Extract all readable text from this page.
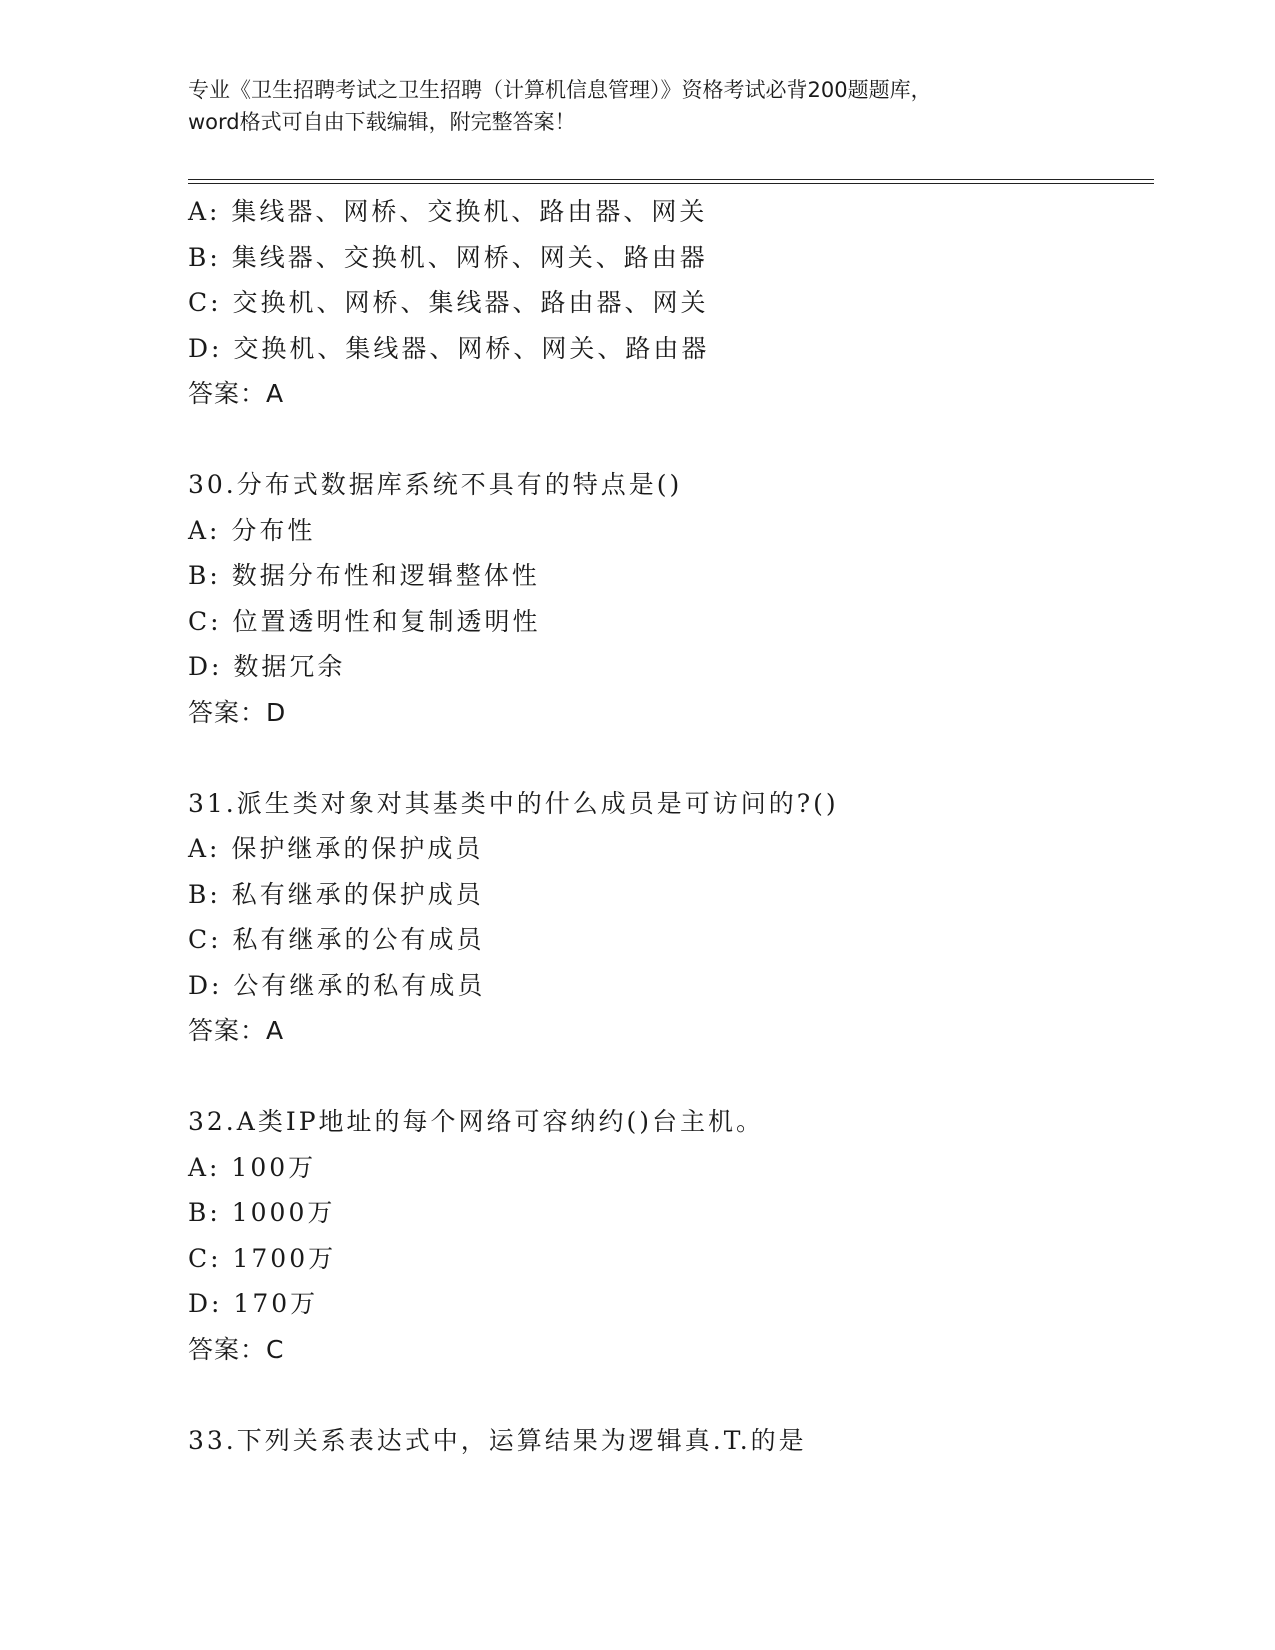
专业《卫生招聘考试之卫生招聘（计算机信息管理）》资格考试必背200题题库，
word格式可自由下载编辑，附完整答案！
A: 集线器、网桥、交换机、路由器、网关
B: 集线器、交换机、网桥、网关、路由器
C: 交换机、网桥、集线器、路由器、网关
D: 交换机、集线器、网桥、网关、路由器
答案：A
30.分布式数据库系统不具有的特点是()
A: 分布性
B: 数据分布性和逻辑整体性
C: 位置透明性和复制透明性
D: 数据冗余
答案：D
31.派生类对象对其基类中的什么成员是可访问的?()
A: 保护继承的保护成员
B: 私有继承的保护成员
C: 私有继承的公有成员
D: 公有继承的私有成员
答案：A
32.A类IP地址的每个网络可容纳约()台主机。
A: 100万
B: 1000万
C: 1700万
D: 170万
答案：C
33.下列关系表达式中，运算结果为逻辑真.T.的是
